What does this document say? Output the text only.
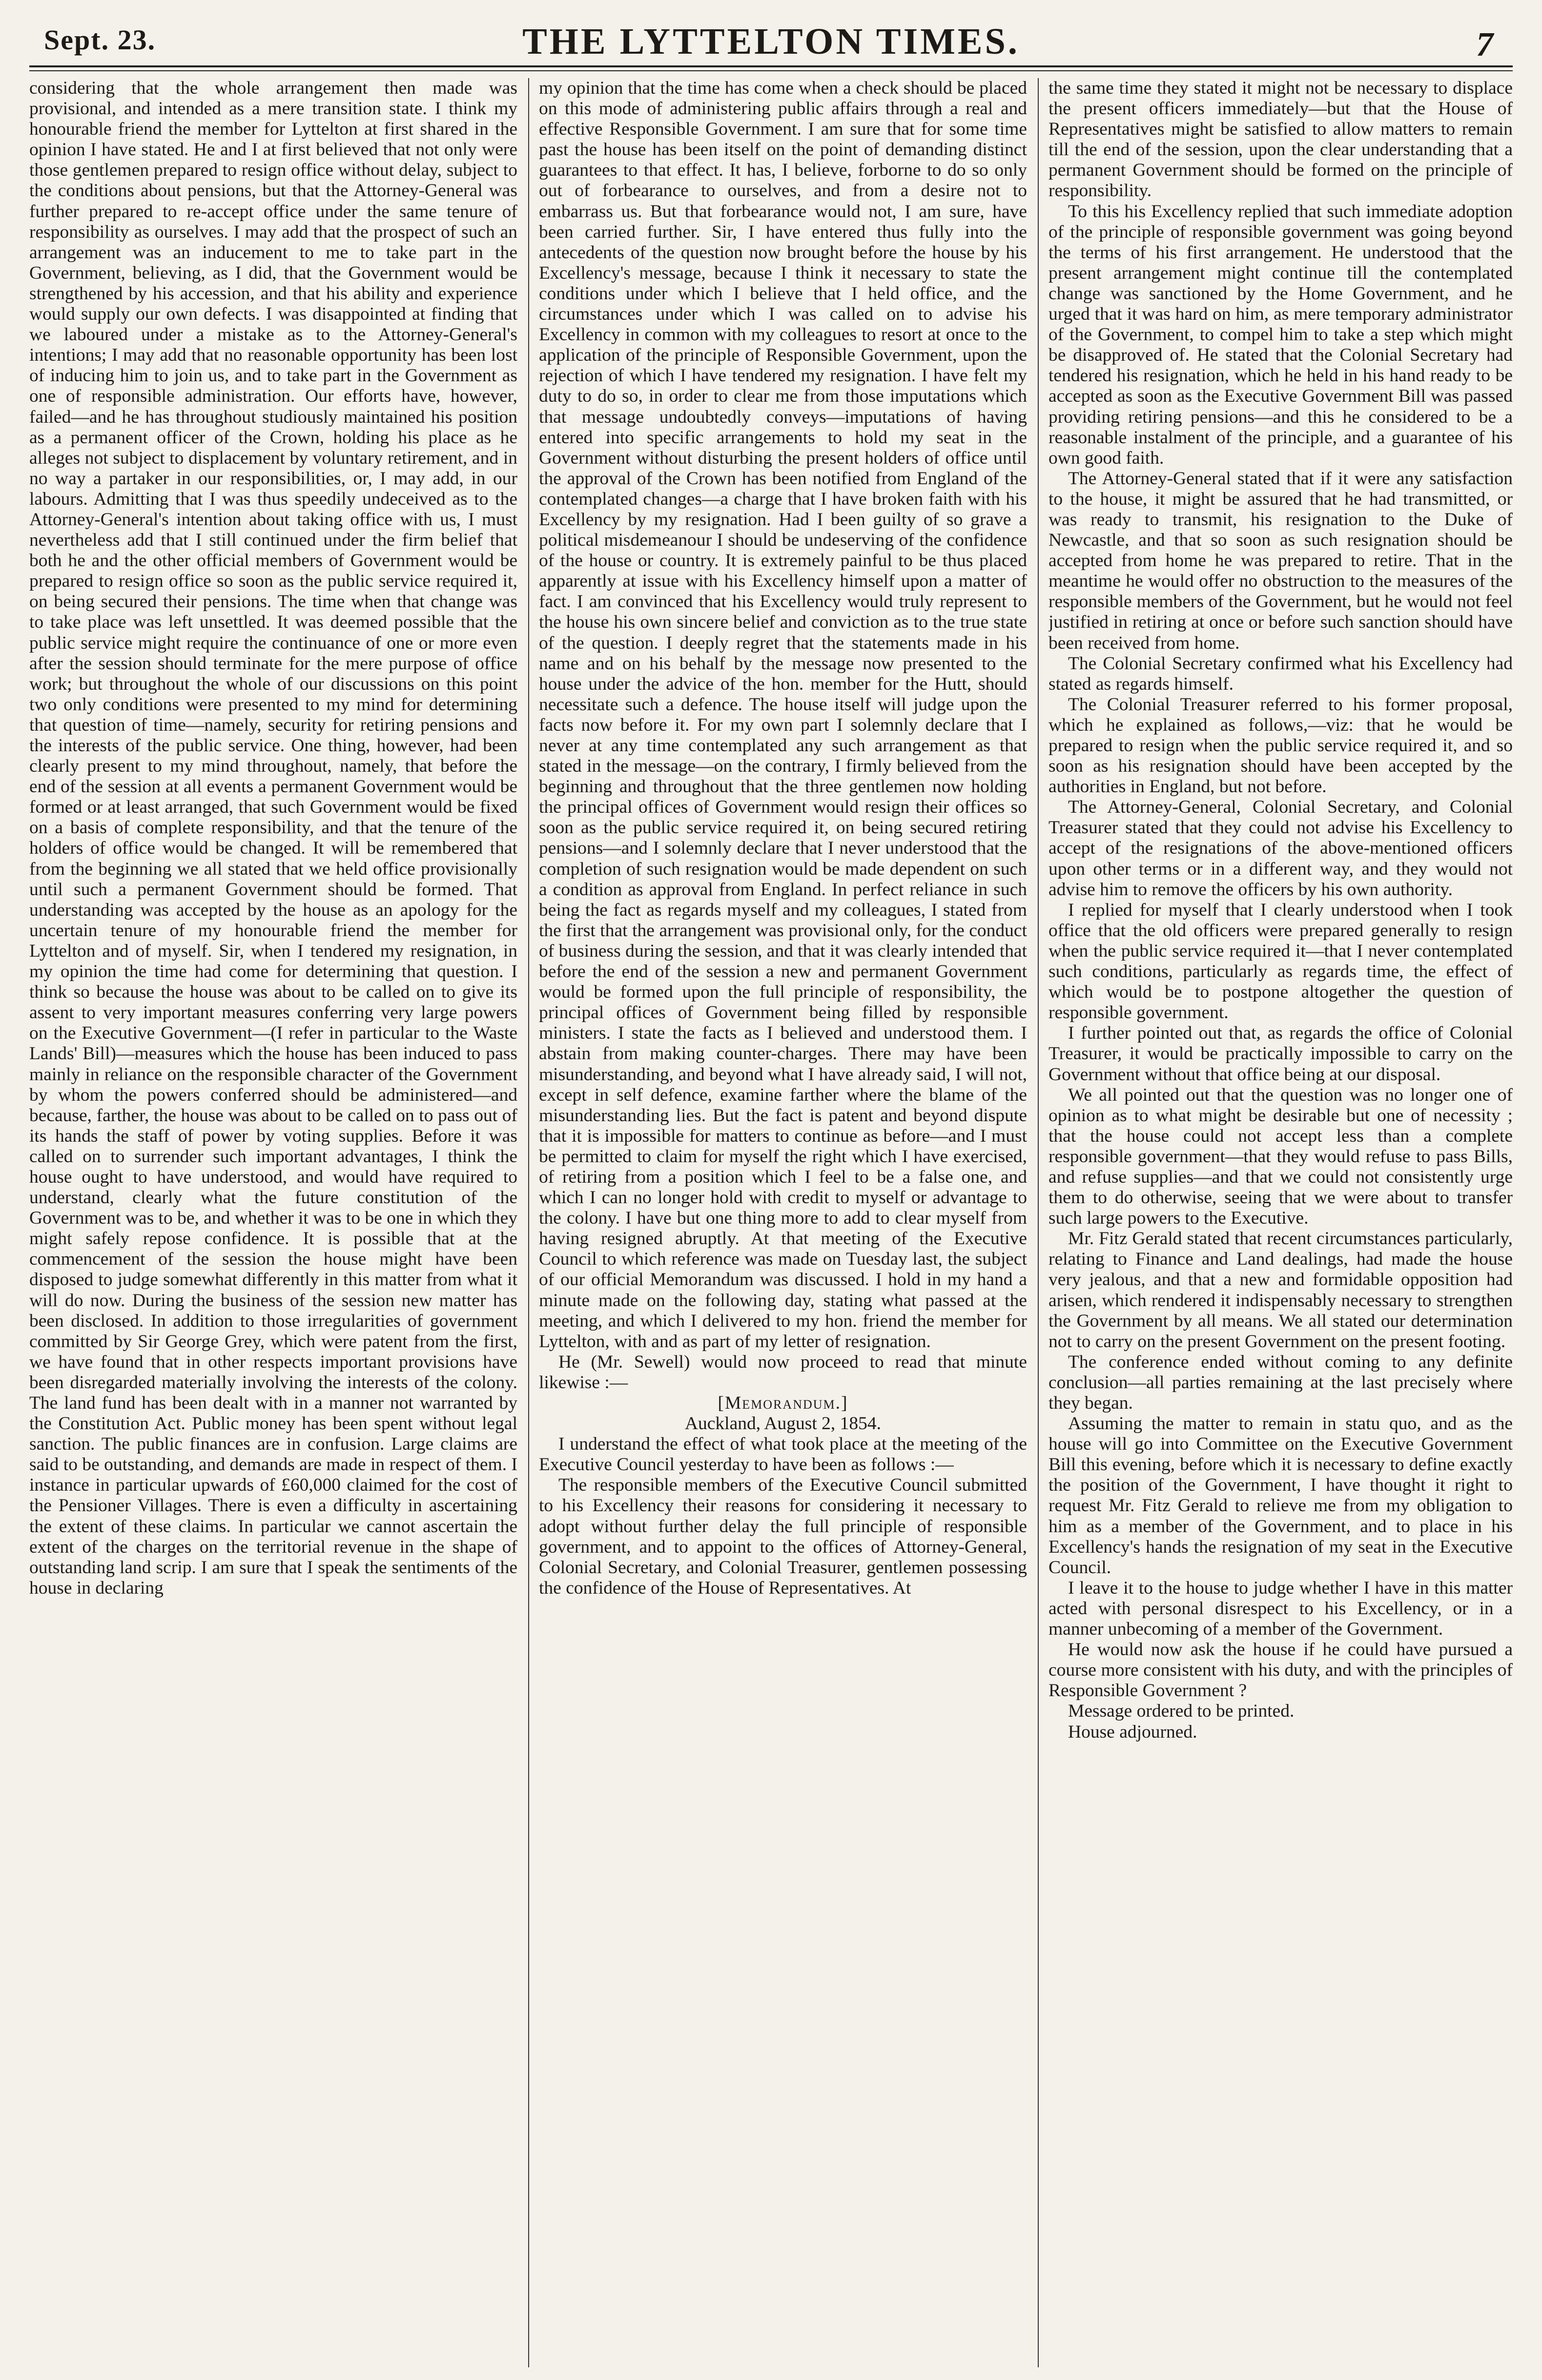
Sept. 23.	THE LYTTELTON TIMES.	7

considering that the whole arrangement then made was provisional, and intended as a mere transition state. I think my honourable friend the member for Lyttelton at first shared in the opinion I have stated. He and I at first believed that not only were those gentlemen prepared to resign office without delay, subject to the conditions about pensions, but that the Attorney-General was further prepared to re-accept office under the same tenure of responsibility as ourselves. I may add that the prospect of such an arrangement was an inducement to me to take part in the Government, believing, as I did, that the Government would be strengthened by his accession, and that his ability and experience would supply our own defects. I was disappointed at finding that we laboured under a mistake as to the Attorney-General's intentions; I may add that no reasonable opportunity has been lost of inducing him to join us, and to take part in the Government as one of responsible administration. Our efforts have, however, failed—and he has throughout studiously maintained his position as a permanent officer of the Crown, holding his place as he alleges not subject to displacement by voluntary retirement, and in no way a partaker in our responsibilities, or, I may add, in our labours. Admitting that I was thus speedily undeceived as to the Attorney-General's intention about taking office with us, I must nevertheless add that I still continued under the firm belief that both he and the other official members of Government would be prepared to resign office so soon as the public service required it, on being secured their pensions. The time when that change was to take place was left unsettled. It was deemed possible that the public service might require the continuance of one or more even after the session should terminate for the mere purpose of office work; but throughout the whole of our discussions on this point two only conditions were presented to my mind for determining that question of time—namely, security for retiring pensions and the interests of the public service. One thing, however, had been clearly present to my mind throughout, namely, that before the end of the session at all events a permanent Government would be formed or at least arranged, that such Government would be fixed on a basis of complete responsibility, and that the tenure of the holders of office would be changed. It will be remembered that from the beginning we all stated that we held office provisionally until such a permanent Government should be formed. That understanding was accepted by the house as an apology for the uncertain tenure of my honourable friend the member for Lyttelton and of myself. Sir, when I tendered my resignation, in my opinion the time had come for determining that question. I think so because the house was about to be called on to give its assent to very important measures conferring very large powers on the Executive Government—(I refer in particular to the Waste Lands' Bill)—measures which the house has been induced to pass mainly in reliance on the responsible character of the Government by whom the powers conferred should be administered—and because, farther, the house was about to be called on to pass out of its hands the staff of power by voting supplies. Before it was called on to surrender such important advantages, I think the house ought to have understood, and would have required to understand, clearly what the future constitution of the Government was to be, and whether it was to be one in which they might safely repose confidence. It is possible that at the commencement of the session the house might have been disposed to judge somewhat differently in this matter from what it will do now. During the business of the session new matter has been disclosed. In addition to those irregularities of government committed by Sir George Grey, which were patent from the first, we have found that in other respects important provisions have been disregarded materially involving the interests of the colony. The land fund has been dealt with in a manner not warranted by the Constitution Act. Public money has been spent without legal sanction. The public finances are in confusion. Large claims are said to be outstanding, and demands are made in respect of them. I instance in particular upwards of £60,000 claimed for the cost of the Pensioner Villages. There is even a difficulty in ascertaining the extent of these claims. In particular we cannot ascertain the extent of the charges on the territorial revenue in the shape of outstanding land scrip. I am sure that I speak the sentiments of the house in declaring

my opinion that the time has come when a check should be placed on this mode of administering public affairs through a real and effective Responsible Government. I am sure that for some time past the house has been itself on the point of demanding distinct guarantees to that effect. It has, I believe, forborne to do so only out of forbearance to ourselves, and from a desire not to embarrass us. But that forbearance would not, I am sure, have been carried further. Sir, I have entered thus fully into the antecedents of the question now brought before the house by his Excellency's message, because I think it necessary to state the conditions under which I believe that I held office, and the circumstances under which I was called on to advise his Excellency in common with my colleagues to resort at once to the application of the principle of Responsible Government, upon the rejection of which I have tendered my resignation. I have felt my duty to do so, in order to clear me from those imputations which that message undoubtedly conveys—imputations of having entered into specific arrangements to hold my seat in the Government without disturbing the present holders of office until the approval of the Crown has been notified from England of the contemplated changes—a charge that I have broken faith with his Excellency by my resignation. Had I been guilty of so grave a political misdemeanour I should be undeserving of the confidence of the house or country. It is extremely painful to be thus placed apparently at issue with his Excellency himself upon a matter of fact. I am convinced that his Excellency would truly represent to the house his own sincere belief and conviction as to the true state of the question. I deeply regret that the statements made in his name and on his behalf by the message now presented to the house under the advice of the hon. member for the Hutt, should necessitate such a defence. The house itself will judge upon the facts now before it. For my own part I solemnly declare that I never at any time contemplated any such arrangement as that stated in the message—on the contrary, I firmly believed from the beginning and throughout that the three gentlemen now holding the principal offices of Government would resign their offices so soon as the public service required it, on being secured retiring pensions—and I solemnly declare that I never understood that the completion of such resignation would be made dependent on such a condition as approval from England. In perfect reliance in such being the fact as regards myself and my colleagues, I stated from the first that the arrangement was provisional only, for the conduct of business during the session, and that it was clearly intended that before the end of the session a new and permanent Government would be formed upon the full principle of responsibility, the principal offices of Government being filled by responsible ministers. I state the facts as I believed and understood them. I abstain from making counter-charges. There may have been misunderstanding, and beyond what I have already said, I will not, except in self defence, examine farther where the blame of the misunderstanding lies. But the fact is patent and beyond dispute that it is impossible for matters to continue as before—and I must be permitted to claim for myself the right which I have exercised, of retiring from a position which I feel to be a false one, and which I can no longer hold with credit to myself or advantage to the colony. I have but one thing more to add to clear myself from having resigned abruptly. At that meeting of the Executive Council to which reference was made on Tuesday last, the subject of our official Memorandum was discussed. I hold in my hand a minute made on the following day, stating what passed at the meeting, and which I delivered to my hon. friend the member for Lyttelton, with and as part of my letter of resignation.

He (Mr. Sewell) would now proceed to read that minute likewise :—

[Memorandum.]

Auckland, August 2, 1854.

I understand the effect of what took place at the meeting of the Executive Council yesterday to have been as follows :—

The responsible members of the Executive Council submitted to his Excellency their reasons for considering it necessary to adopt without further delay the full principle of responsible government, and to appoint to the offices of Attorney-General, Colonial Secretary, and Colonial Treasurer, gentlemen possessing the confidence of the House of Representatives. At

the same time they stated it might not be necessary to displace the present officers immediately—but that the House of Representatives might be satisfied to allow matters to remain till the end of the session, upon the clear understanding that a permanent Government should be formed on the principle of responsibility.

To this his Excellency replied that such immediate adoption of the principle of responsible government was going beyond the terms of his first arrangement. He understood that the present arrangement might continue till the contemplated change was sanctioned by the Home Government, and he urged that it was hard on him, as mere temporary administrator of the Government, to compel him to take a step which might be disapproved of. He stated that the Colonial Secretary had tendered his resignation, which he held in his hand ready to be accepted as soon as the Executive Government Bill was passed providing retiring pensions—and this he considered to be a reasonable instalment of the principle, and a guarantee of his own good faith.

The Attorney-General stated that if it were any satisfaction to the house, it might be assured that he had transmitted, or was ready to transmit, his resignation to the Duke of Newcastle, and that so soon as such resignation should be accepted from home he was prepared to retire. That in the meantime he would offer no obstruction to the measures of the responsible members of the Government, but he would not feel justified in retiring at once or before such sanction should have been received from home.

The Colonial Secretary confirmed what his Excellency had stated as regards himself.

The Colonial Treasurer referred to his former proposal, which he explained as follows,—viz: that he would be prepared to resign when the public service required it, and so soon as his resignation should have been accepted by the authorities in England, but not before.

The Attorney-General, Colonial Secretary, and Colonial Treasurer stated that they could not advise his Excellency to accept of the resignations of the above-mentioned officers upon other terms or in a different way, and they would not advise him to remove the officers by his own authority.

I replied for myself that I clearly understood when I took office that the old officers were prepared generally to resign when the public service required it—that I never contemplated such conditions, particularly as regards time, the effect of which would be to postpone altogether the question of responsible government.

I further pointed out that, as regards the office of Colonial Treasurer, it would be practically impossible to carry on the Government without that office being at our disposal.

We all pointed out that the question was no longer one of opinion as to what might be desirable but one of necessity ; that the house could not accept less than a complete responsible government—that they would refuse to pass Bills, and refuse supplies—and that we could not consistently urge them to do otherwise, seeing that we were about to transfer such large powers to the Executive.

Mr. Fitz Gerald stated that recent circumstances particularly, relating to Finance and Land dealings, had made the house very jealous, and that a new and formidable opposition had arisen, which rendered it indispensably necessary to strengthen the Government by all means. We all stated our determination not to carry on the present Government on the present footing.

The conference ended without coming to any definite conclusion—all parties remaining at the last precisely where they began.

Assuming the matter to remain in statu quo, and as the house will go into Committee on the Executive Government Bill this evening, before which it is necessary to define exactly the position of the Government, I have thought it right to request Mr. Fitz Gerald to relieve me from my obligation to him as a member of the Government, and to place in his Excellency's hands the resignation of my seat in the Executive Council.

I leave it to the house to judge whether I have in this matter acted with personal disrespect to his Excellency, or in a manner unbecoming of a member of the Government.

He would now ask the house if he could have pursued a course more consistent with his duty, and with the principles of Responsible Government ?

Message ordered to be printed.

House adjourned.
